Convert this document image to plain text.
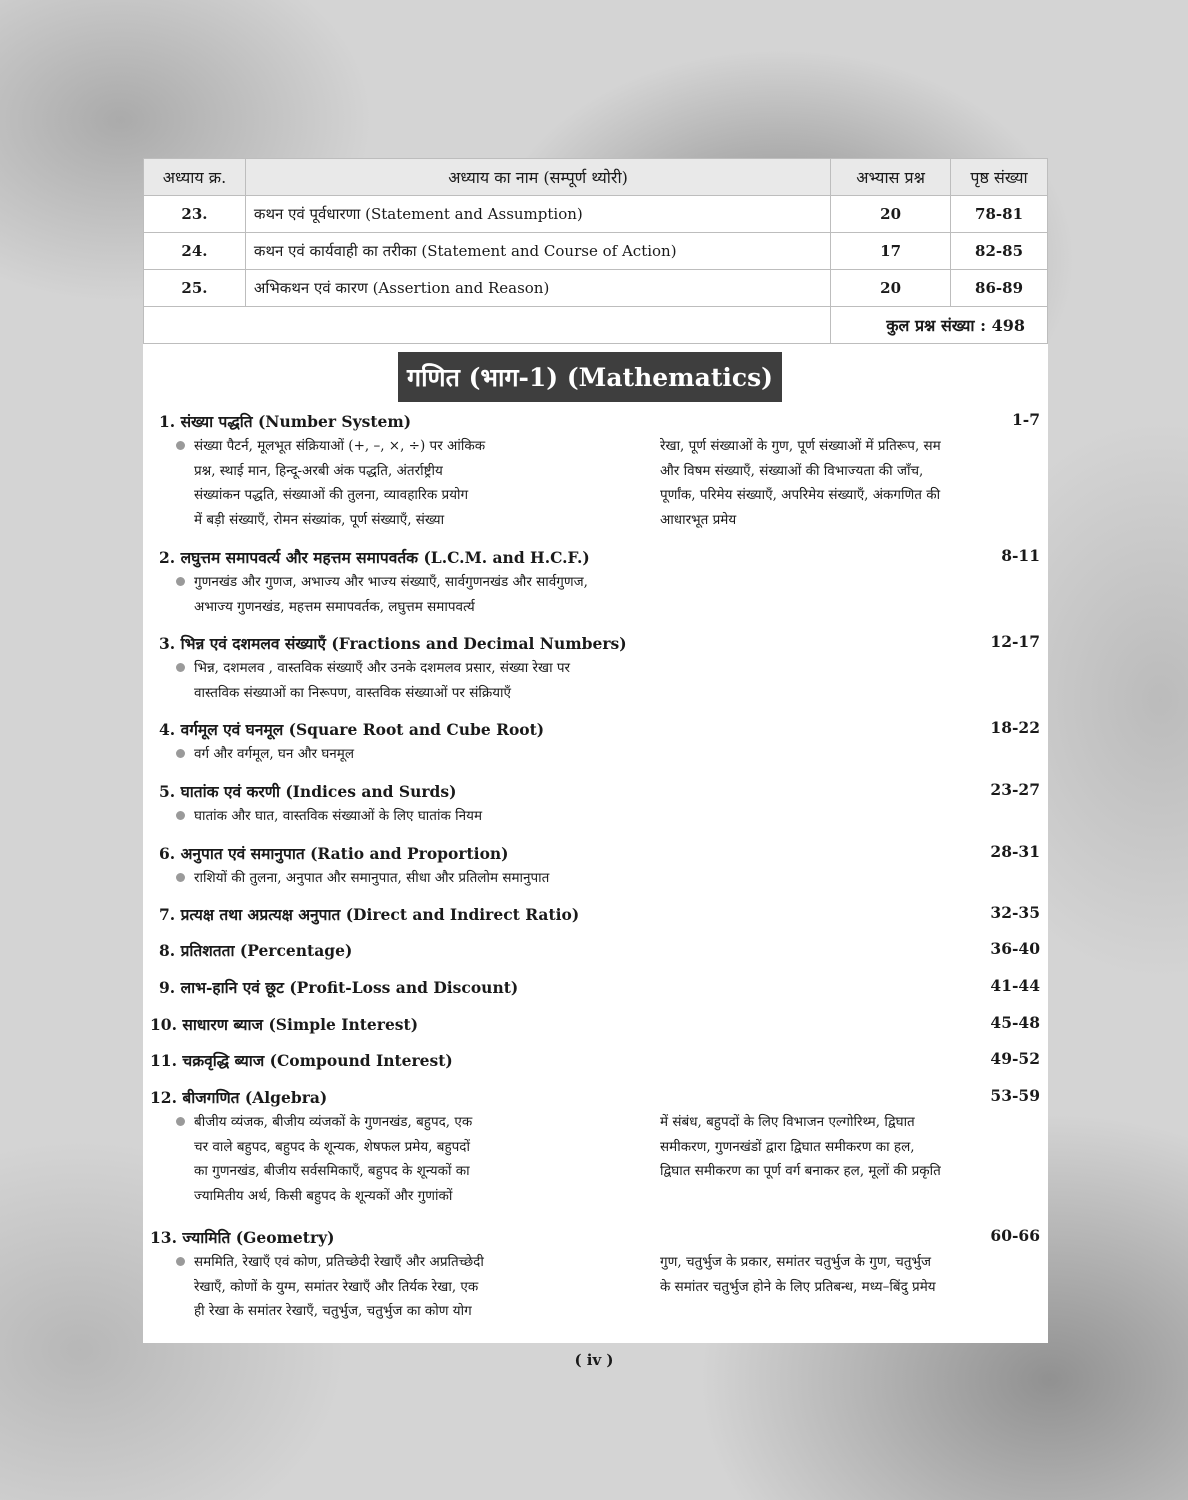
अध्याय क्र.	अध्याय का नाम (सम्पूर्ण थ्योरी)	अभ्यास प्रश्न	पृष्ठ संख्या
23.	कथन एवं पूर्वधारणा (Statement and Assumption)	20	78-81
24.	कथन एवं कार्यवाही का तरीका (Statement and Course of Action)	17	82-85
25.	अभिकथन एवं कारण (Assertion and Reason)	20	86-89
		कुल प्रश्न संख्या : 498	
गणित (भाग-1) (Mathematics)
1. संख्या पद्धति (Number System)	1-7
संख्या पैटर्न, मूलभूत संक्रियाओं (+, –, ×, ÷) पर आंकिक
प्रश्न, स्थाई मान, हिन्दू-अरबी अंक पद्धति, अंतर्राष्ट्रीय
संख्यांकन पद्धति, संख्याओं की तुलना, व्यावहारिक प्रयोग
में बड़ी संख्याएँ, रोमन संख्यांक, पूर्ण संख्याएँ, संख्या
रेखा, पूर्ण संख्याओं के गुण, पूर्ण संख्याओं में प्रतिरूप, सम
और विषम संख्याएँ, संख्याओं की विभाज्यता की जाँच,
पूर्णांक, परिमेय संख्याएँ, अपरिमेय संख्याएँ, अंकगणित की
आधारभूत प्रमेय
2. लघुत्तम समापवर्त्य और महत्तम समापवर्तक (L.C.M. and H.C.F.)	8-11
गुणनखंड और गुणज, अभाज्य और भाज्य संख्याएँ, सार्वगुणनखंड और सार्वगुणज,
अभाज्य गुणनखंड, महत्तम समापवर्तक, लघुत्तम समापवर्त्य
3. भिन्न एवं दशमलव संख्याएँ (Fractions and Decimal Numbers)	12-17
भिन्न, दशमलव , वास्तविक संख्याएँ और उनके दशमलव प्रसार, संख्या रेखा पर
वास्तविक संख्याओं का निरूपण, वास्तविक संख्याओं पर संक्रियाएँ
4. वर्गमूल एवं घनमूल (Square Root and Cube Root)	18-22
वर्ग और वर्गमूल, घन और घनमूल
5. घातांक एवं करणी (Indices and Surds)	23-27
घातांक और घात, वास्तविक संख्याओं के लिए घातांक नियम
6. अनुपात एवं समानुपात (Ratio and Proportion)	28-31
राशियों की तुलना, अनुपात और समानुपात, सीधा और प्रतिलोम समानुपात
7. प्रत्यक्ष तथा अप्रत्यक्ष अनुपात (Direct and Indirect Ratio)	32-35
8. प्रतिशतता (Percentage)	36-40
9. लाभ-हानि एवं छूट (Profit-Loss and Discount)	41-44
10. साधारण ब्याज (Simple Interest)	45-48
11. चक्रवृद्धि ब्याज (Compound Interest)	49-52
12. बीजगणित (Algebra)	53-59
बीजीय व्यंजक, बीजीय व्यंजकों के गुणनखंड, बहुपद, एक
चर वाले बहुपद, बहुपद के शून्यक, शेषफल प्रमेय, बहुपदों
का गुणनखंड, बीजीय सर्वसमिकाएँ, बहुपद के शून्यकों का
ज्यामितीय अर्थ, किसी बहुपद के शून्यकों और गुणांकों
में संबंध, बहुपदों के लिए विभाजन एल्गोरिथ्म, द्विघात
समीकरण, गुणनखंडों द्वारा द्विघात समीकरण का हल,
द्विघात समीकरण का पूर्ण वर्ग बनाकर हल, मूलों की प्रकृति
13. ज्यामिति (Geometry)	60-66
सममिति, रेखाएँ एवं कोण, प्रतिच्छेदी रेखाएँ और अप्रतिच्छेदी
रेखाएँ, कोणों के युग्म, समांतर रेखाएँ और तिर्यक रेखा, एक
ही रेखा के समांतर रेखाएँ, चतुर्भुज, चतुर्भुज का कोण योग
गुण, चतुर्भुज के प्रकार, समांतर चतुर्भुज के गुण, चतुर्भुज
के समांतर चतुर्भुज होने के लिए प्रतिबन्ध, मध्य–बिंदु प्रमेय
( iv )
